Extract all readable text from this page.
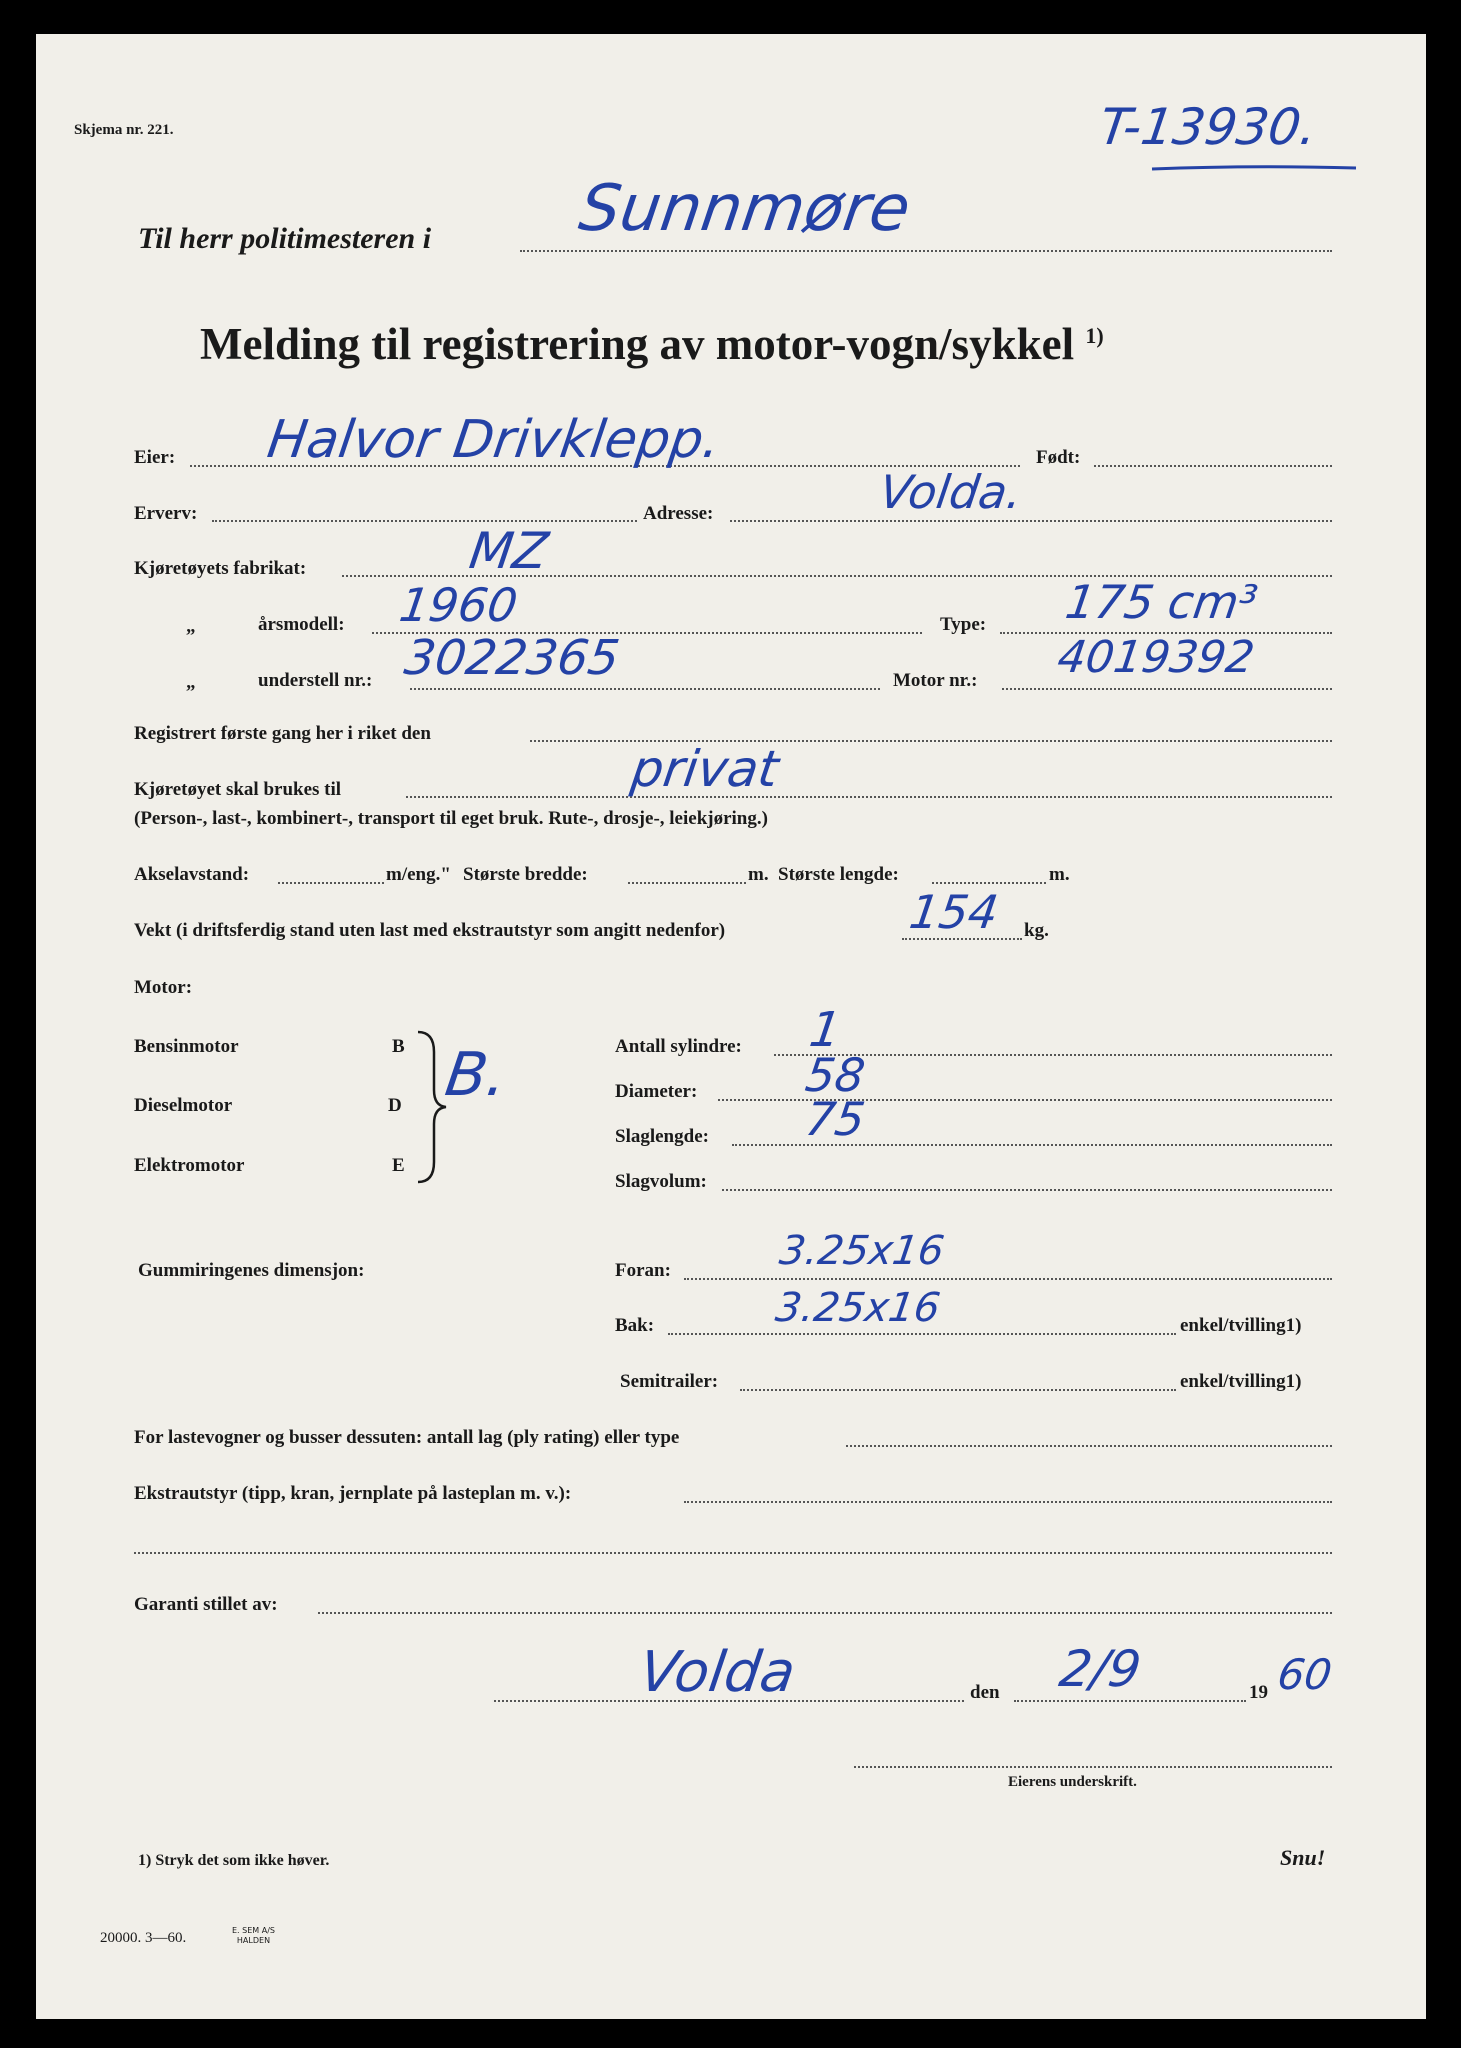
Skjema nr. 221.	T-13930.
Til herr politimesteren i Sunnmøre
Melding til registrering av motor-vogn/sykkel $^{1)}$
Eier: Halvor Drivklepp.	Født:
Erverv:	Adresse:	Volda.
Kjøretøyets fabrikat:	MZ
„	årsmodell: 1960	Type: 175 cm³
„	understell nr.: 3022365	Motor nr.: 4019392
Registrert første gang her i riket den
Kjøretøyet skal brukes til	privat
(Person-, last-, kombinert-, transport til eget bruk. Rute-, drosje-, leiekjøring.)
Akselavstand:	m/eng." Største bredde:	m. Største lengde:	m.
Vekt (i driftsferdig stand uten last med ekstrautstyr som angitt nedenfor)	154 kg.
Motor:
Bensinmotor	B
Dieselmotor	D
Elektromotor	E
B.	Antall sylindre: 1
Diameter: 58
Slaglengde: 75
Slagvolum:
Gummiringenes dimensjon:	Foran:	3.25x16
Bak:	3.25x16	enkel/tvilling1)
Semitrailer:	enkel/tvilling1)
For lastevogner og busser dessuten: antall lag (ply rating) eller type
Ekstrautstyr (tipp, kran, jernplate på lasteplan m. v.):
Garanti stillet av:
Volda	den 2/9	19 60
Eierens underskrift.
1) Stryk det som ikke høver.	Snu!
20000. 3—60.	E. SEM A/S
HALDEN
